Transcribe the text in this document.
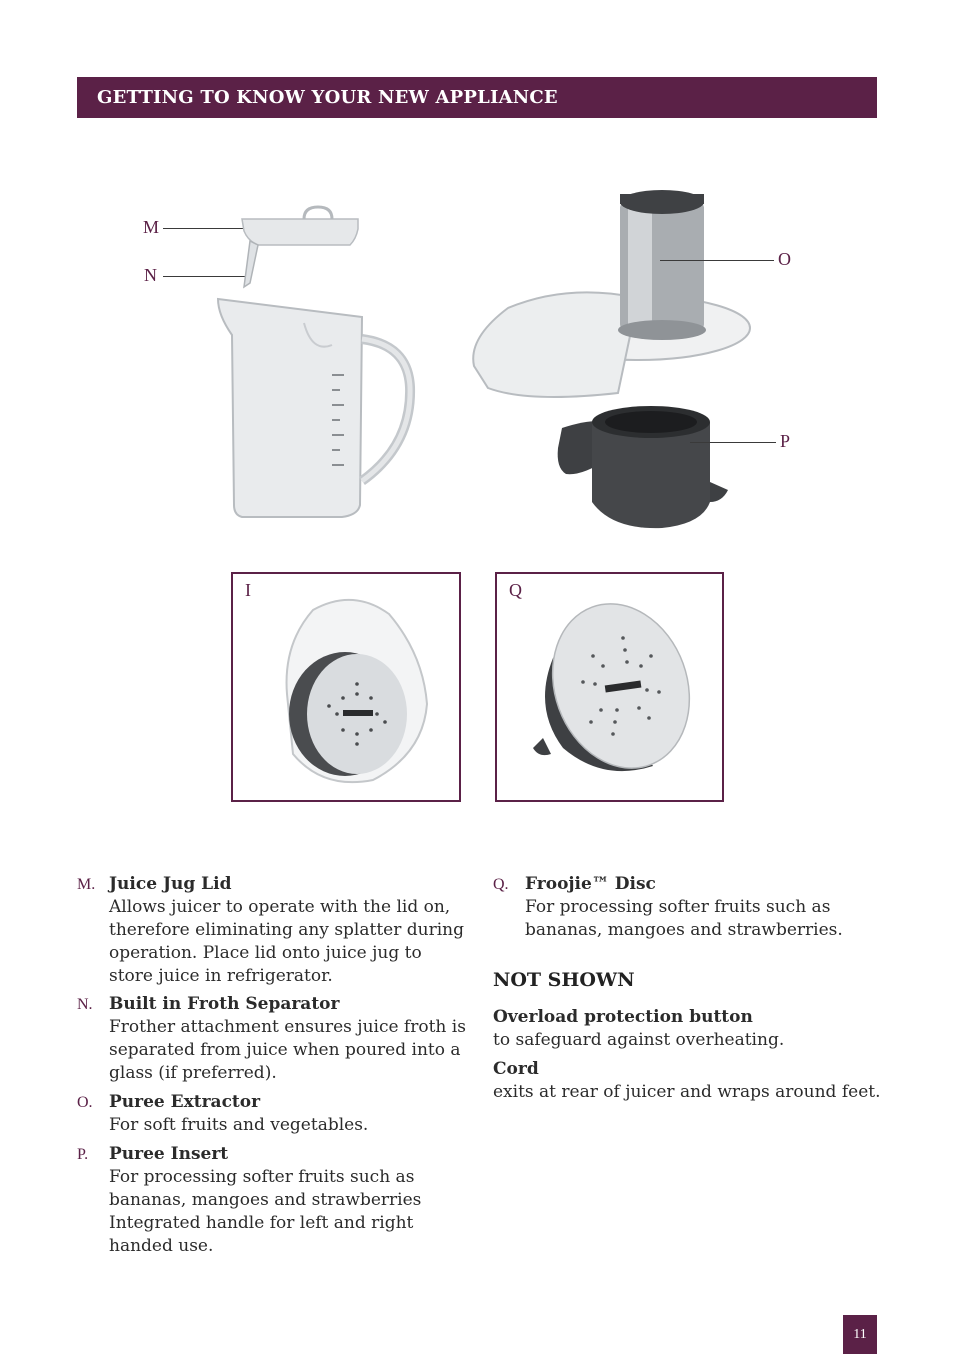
GETTING TO KNOW YOUR NEW APPLIANCE
M
N
O
P
I	Q
M. Juice Jug Lid
Allows juicer to operate with the lid on,
therefore eliminating any splatter during
operation. Place lid onto juice jug to
store juice in refrigerator.
N. Built in Froth Separator
Frother attachment ensures juice froth is
separated from juice when poured into a
glass (if preferred).
O. Puree Extractor
For soft fruits and vegetables.
P. Puree Insert
For processing softer fruits such as
bananas, mangoes and strawberries
Integrated handle for left and right
handed use.
Q. Froojie™ Disc
For processing softer fruits such as
bananas, mangoes and strawberries.
NOT SHOWN
Overload protection button
to safeguard against overheating.
Cord
exits at rear of juicer and wraps around feet.
11
